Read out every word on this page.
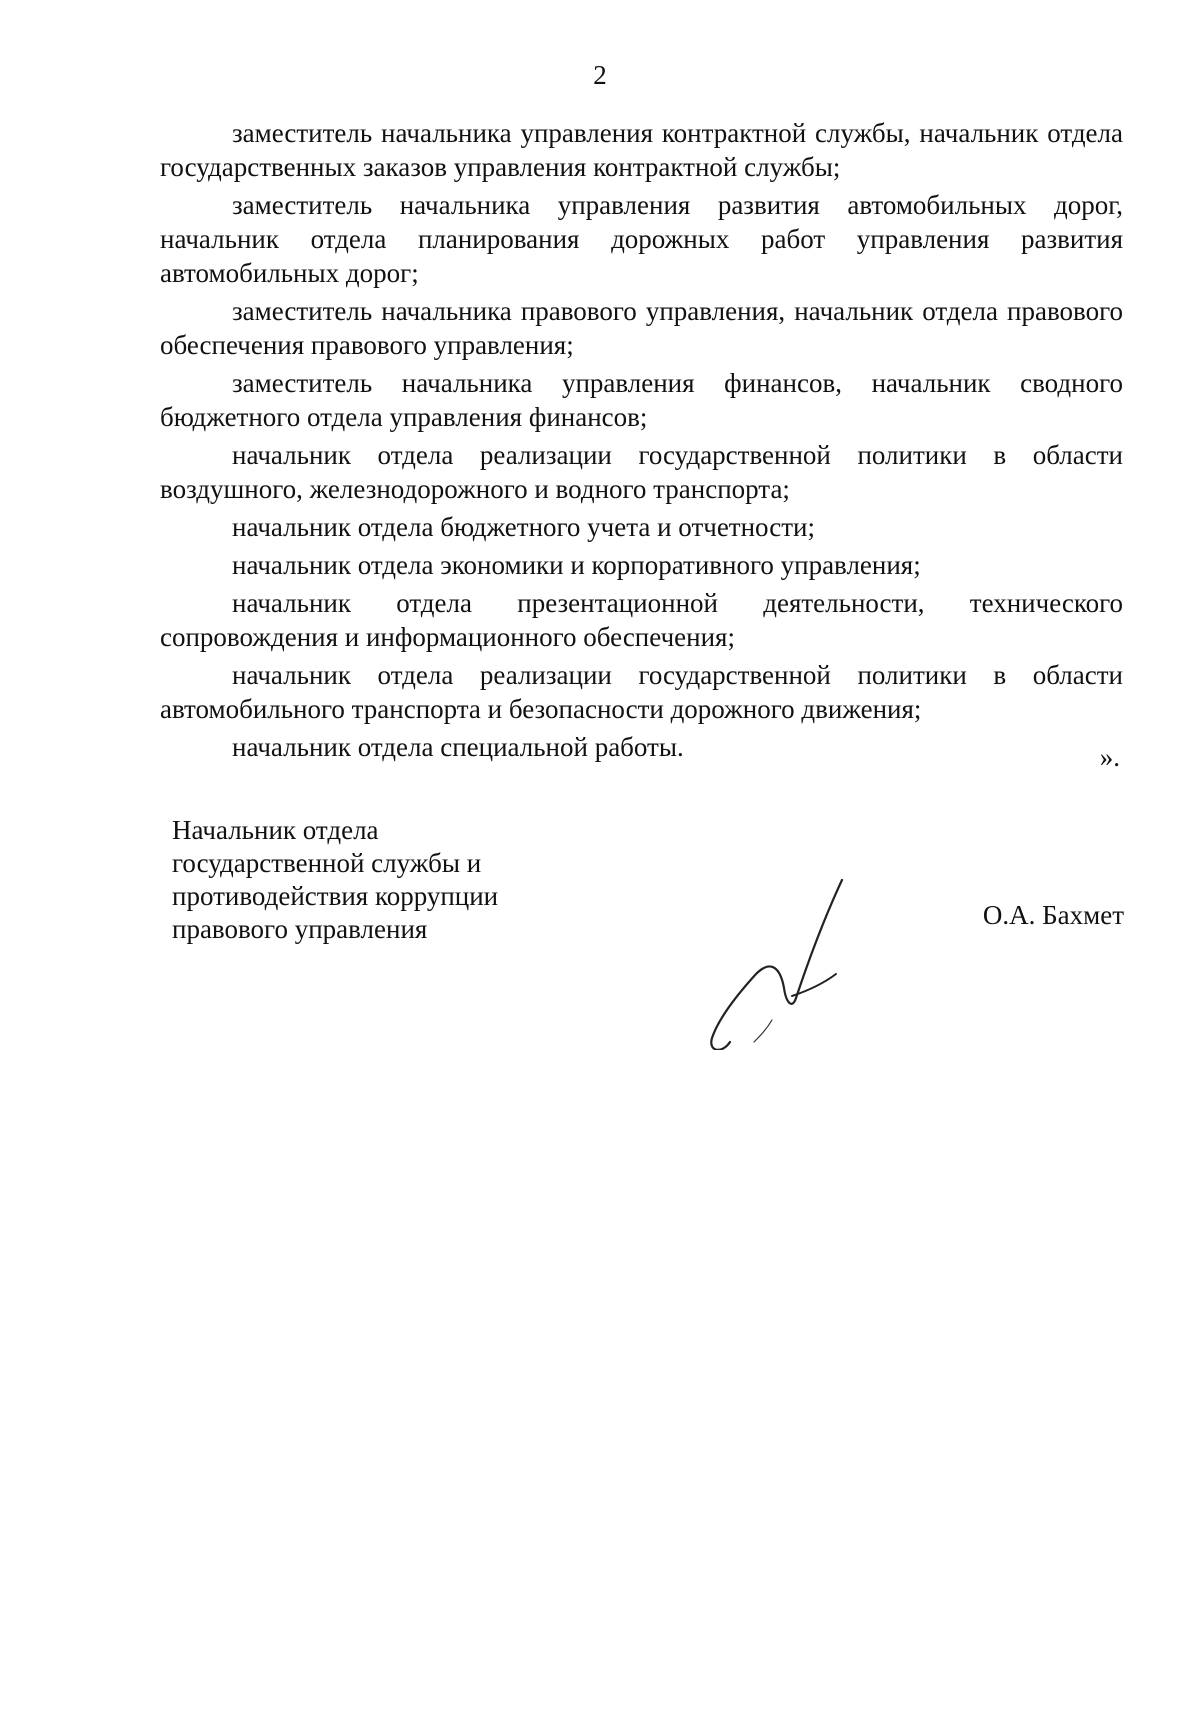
2

заместитель начальника управления контрактной службы, начальник отдела государственных заказов управления контрактной службы;

заместитель начальника управления развития автомобильных дорог, начальник отдела планирования дорожных работ управления развития автомобильных дорог;

заместитель начальника правового управления, начальник отдела правового обеспечения правового управления;

заместитель начальника управления финансов, начальник сводного бюджетного отдела управления финансов;

начальник отдела реализации государственной политики в области воздушного, железнодорожного и водного транспорта;

начальник отдела бюджетного учета и отчетности;

начальник отдела экономики и корпоративного управления;

начальник отдела презентационной деятельности, технического сопровождения и информационного обеспечения;

начальник отдела реализации государственной политики в области автомобильного транспорта и безопасности дорожного движения;

начальник отдела специальной работы.	».
Начальник отдела
государственной службы и
противодействия коррупции
правового управления	О.А. Бахмет
